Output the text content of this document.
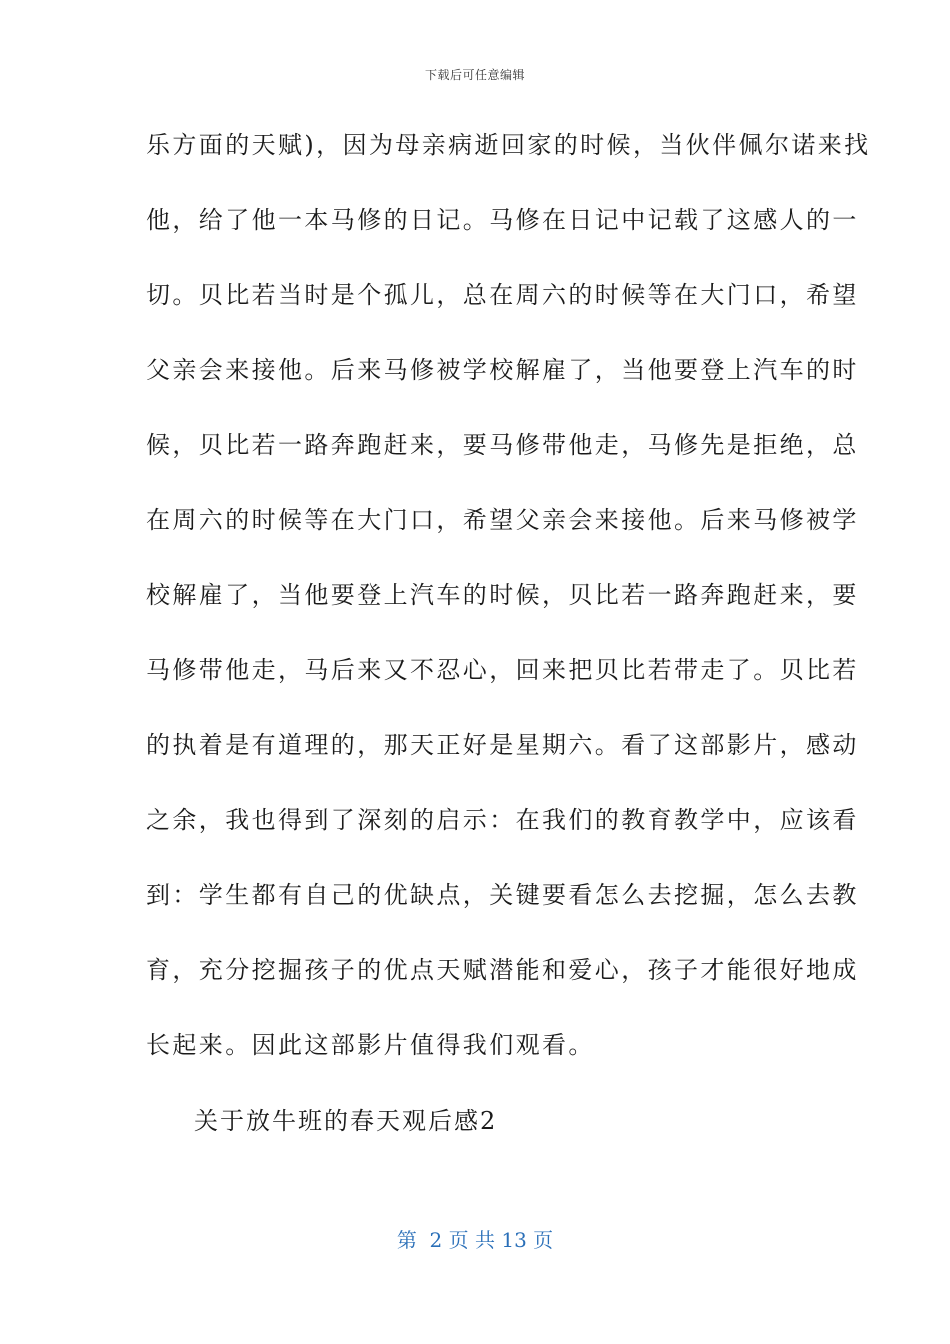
下载后可任意编辑
乐方面的天赋)，因为母亲病逝回家的时候，当伙伴佩尔诺来找
他，给了他一本马修的日记。马修在日记中记载了这感人的一
切。贝比若当时是个孤儿，总在周六的时候等在大门口，希望
父亲会来接他。后来马修被学校解雇了，当他要登上汽车的时
候，贝比若一路奔跑赶来，要马修带他走，马修先是拒绝，总
在周六的时候等在大门口，希望父亲会来接他。后来马修被学
校解雇了，当他要登上汽车的时候，贝比若一路奔跑赶来，要
马修带他走，马后来又不忍心，回来把贝比若带走了。贝比若
的执着是有道理的，那天正好是星期六。看了这部影片，感动
之余，我也得到了深刻的启示：在我们的教育教学中，应该看
到：学生都有自己的优缺点，关键要看怎么去挖掘，怎么去教
育，充分挖掘孩子的优点天赋潜能和爱心，孩子才能很好地成
长起来。因此这部影片值得我们观看。
关于放牛班的春天观后感2
第  2 页 共 13 页
